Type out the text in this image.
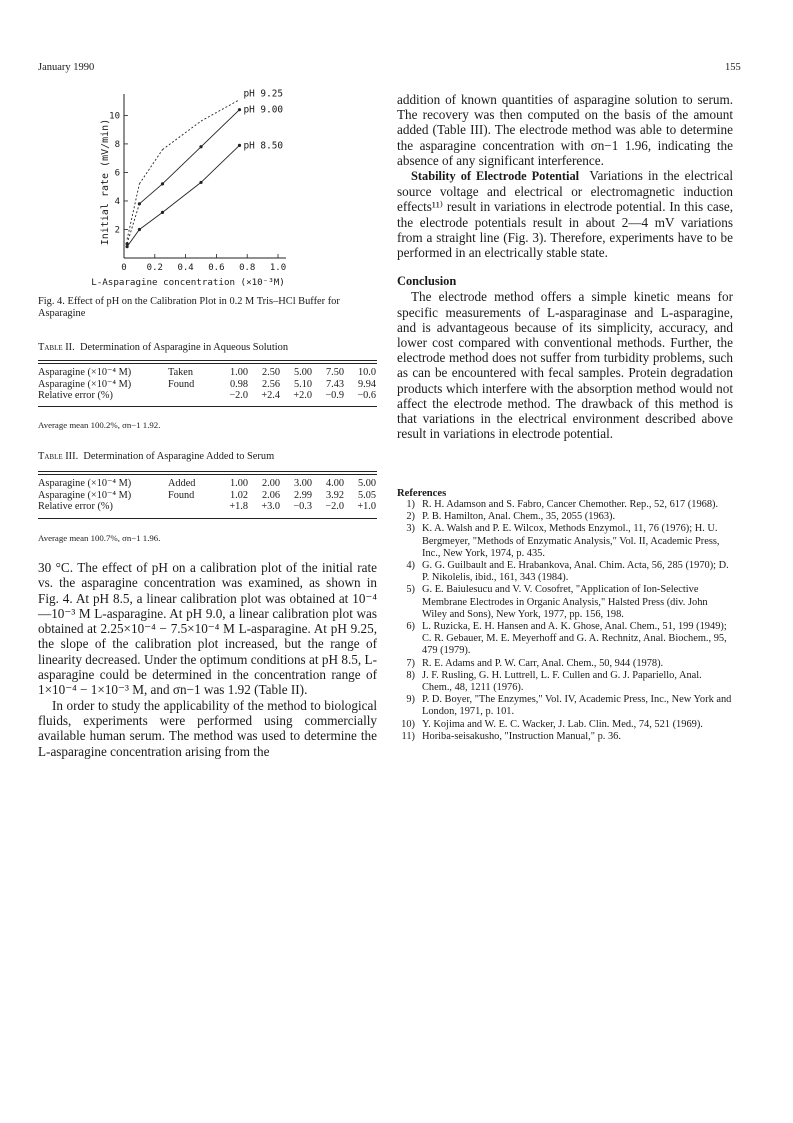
January 1990	155
0 0.2 0.4 0.6 0.8 1.0
2
4
6
8
10
pH 9.25
pH 9.00
pH 8.50
Initial rate (mV/min)
L-Asparagine concentration (×10⁻³M)
Fig. 4. Effect of pH on the Calibration Plot in 0.2 M Tris–HCl Buffer for Asparagine
Table II. Determination of Asparagine in Aqueous Solution
Asparagine (×10⁻⁴ M)	Taken	1.00	2.50	5.00	7.50	10.0
Asparagine (×10⁻⁴ M)	Found	0.98	2.56	5.10	7.43	9.94
Relative error (%)		−2.0	+2.4	+2.0	−0.9	−0.6
Average mean 100.2%, σn−1 1.92.
Table III. Determination of Asparagine Added to Serum
Asparagine (×10⁻⁴ M)	Added	1.00	2.00	3.00	4.00	5.00
Asparagine (×10⁻⁴ M)	Found	1.02	2.06	2.99	3.92	5.05
Relative error (%)		+1.8	+3.0	−0.3	−2.0	+1.0
Average mean 100.7%, σn−1 1.96.

30 °C. The effect of pH on a calibration plot of the initial rate vs. the asparagine concentration was examined, as shown in Fig. 4. At pH 8.5, a linear calibration plot was obtained at 10⁻⁴—10⁻³ M L-asparagine. At pH 9.0, a linear calibration plot was obtained at 2.25×10⁻⁴ − 7.5×10⁻⁴ M L-asparagine. At pH 9.25, the slope of the calibration plot increased, but the range of linearity decreased. Under the optimum conditions at pH 8.5, L-asparagine could be determined in the concentration range of 1×10⁻⁴ − 1×10⁻³ M, and σn−1 was 1.92 (Table II).

In order to study the applicability of the method to biological fluids, experiments were performed using commercially available human serum. The method was used to determine the L-asparagine concentration arising from the

addition of known quantities of asparagine solution to serum. The recovery was then computed on the basis of the amount added (Table III). The electrode method was able to determine the asparagine concentration with σn−1 1.96, indicating the absence of any significant interference.

Stability of Electrode Potential Variations in the electrical source voltage and electrical or electromagnetic induction effects¹¹⁾ result in variations in electrode potential. In this case, the electrode potentials result in about 2—4 mV variations from a straight line (Fig. 3). Therefore, experiments have to be performed in an electrically stable state.

Conclusion

The electrode method offers a simple kinetic means for specific measurements of L-asparaginase and L-asparagine, and is advantageous because of its simplicity, accuracy, and lower cost compared with conventional methods. Further, the electrode method does not suffer from turbidity problems, such as can be encountered with fecal samples. Protein degradation products which interfere with the absorption method would not affect the electrode method. The drawback of this method is that variations in the electrical environment described above result in variations in electrode potential.

References
1) R. H. Adamson and S. Fabro, Cancer Chemother. Rep., 52, 617 (1968).
2) P. B. Hamilton, Anal. Chem., 35, 2055 (1963).
3) K. A. Walsh and P. E. Wilcox, Methods Enzymol., 11, 76 (1976); H. U. Bergmeyer, "Methods of Enzymatic Analysis," Vol. II, Academic Press, Inc., New York, 1974, p. 435.
4) G. G. Guilbault and E. Hrabankova, Anal. Chim. Acta, 56, 285 (1970); D. P. Nikolelis, ibid., 161, 343 (1984).
5) G. E. Baiulesucu and V. V. Cosofret, "Application of Ion-Selective Membrane Electrodes in Organic Analysis," Halsted Press (div. John Wiley and Sons), New York, 1977, pp. 156, 198.
6) L. Ruzicka, E. H. Hansen and A. K. Ghose, Anal. Chem., 51, 199 (1949); C. R. Gebauer, M. E. Meyerhoff and G. A. Rechnitz, Anal. Biochem., 95, 479 (1979).
7) R. E. Adams and P. W. Carr, Anal. Chem., 50, 944 (1978).
8) J. F. Rusling, G. H. Luttrell, L. F. Cullen and G. J. Papariello, Anal. Chem., 48, 1211 (1976).
9) P. D. Boyer, "The Enzymes," Vol. IV, Academic Press, Inc., New York and London, 1971, p. 101.
10) Y. Kojima and W. E. C. Wacker, J. Lab. Clin. Med., 74, 521 (1969).
11) Horiba-seisakusho, "Instruction Manual," p. 36.
